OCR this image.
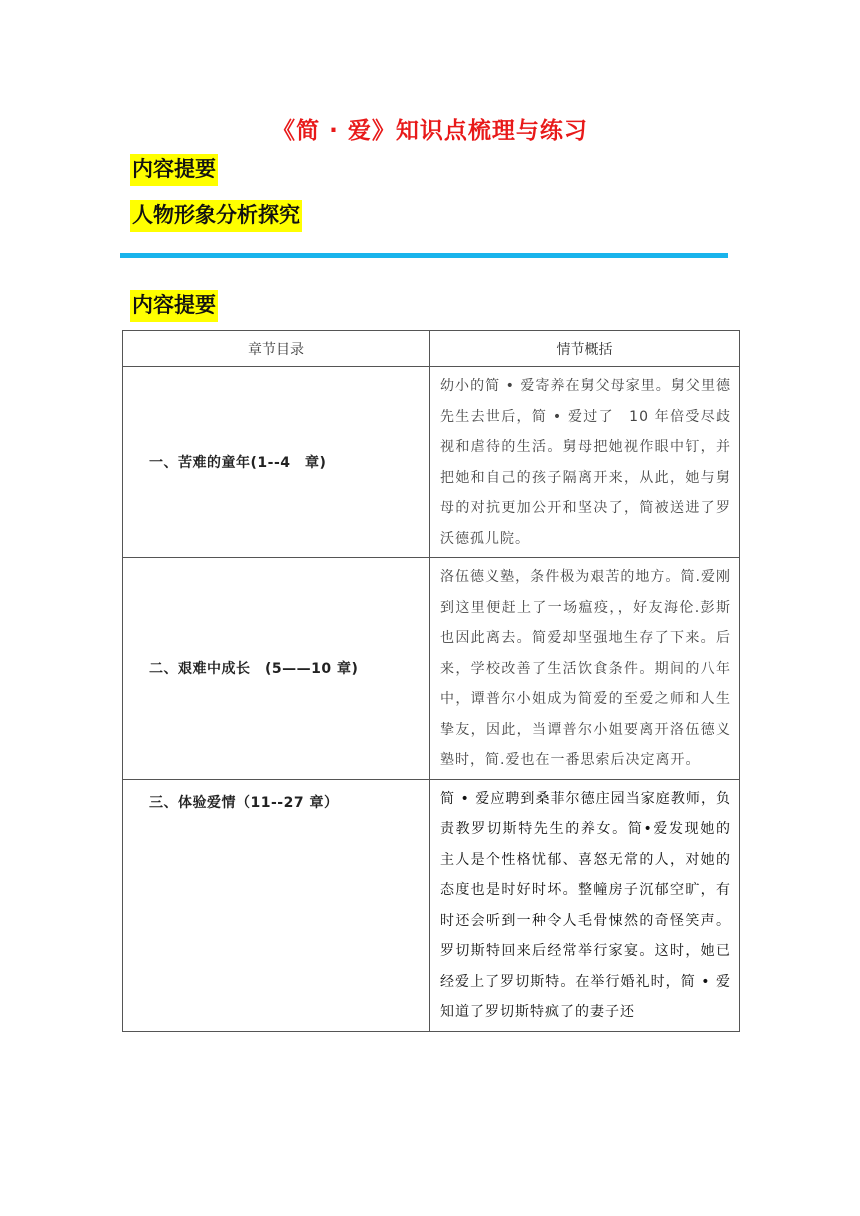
《简 · 爱》知识点梳理与练习
内容提要
人物形象分析探究
内容提要
章节目录	情节概括
一、苦难的童年(1--4　章)	幼小的简 • 爱寄养在舅父母家里。舅父里德先生去世后，简 • 爱过了　10 年倍受尽歧视和虐待的生活。舅母把她视作眼中钉，并把她和自己的孩子隔离开来，从此，她与舅母的对抗更加公开和坚决了，简被送进了罗沃德孤儿院。
二、艰难中成长　(5——10 章)	洛伍德义塾，条件极为艰苦的地方。简.爱刚到这里便赶上了一场瘟疫，，好友海伦.彭斯也因此离去。简爱却坚强地生存了下来。后来，学校改善了生活饮食条件。期间的八年中，谭普尔小姐成为简爱的至爱之师和人生挚友，因此，当谭普尔小姐要离开洛伍德义塾时，简.爱也在一番思索后决定离开。
三、体验爱情（11--27 章）	简 • 爱应聘到桑菲尔德庄园当家庭教师，负责教罗切斯特先生的养女。简•爱发现她的主人是个性格忧郁、喜怒无常的人，对她的态度也是时好时坏。整幢房子沉郁空旷，有时还会听到一种令人毛骨悚然的奇怪笑声。罗切斯特回来后经常举行家宴。这时，她已经爱上了罗切斯特。在举行婚礼时，简 • 爱知道了罗切斯特疯了的妻子还
